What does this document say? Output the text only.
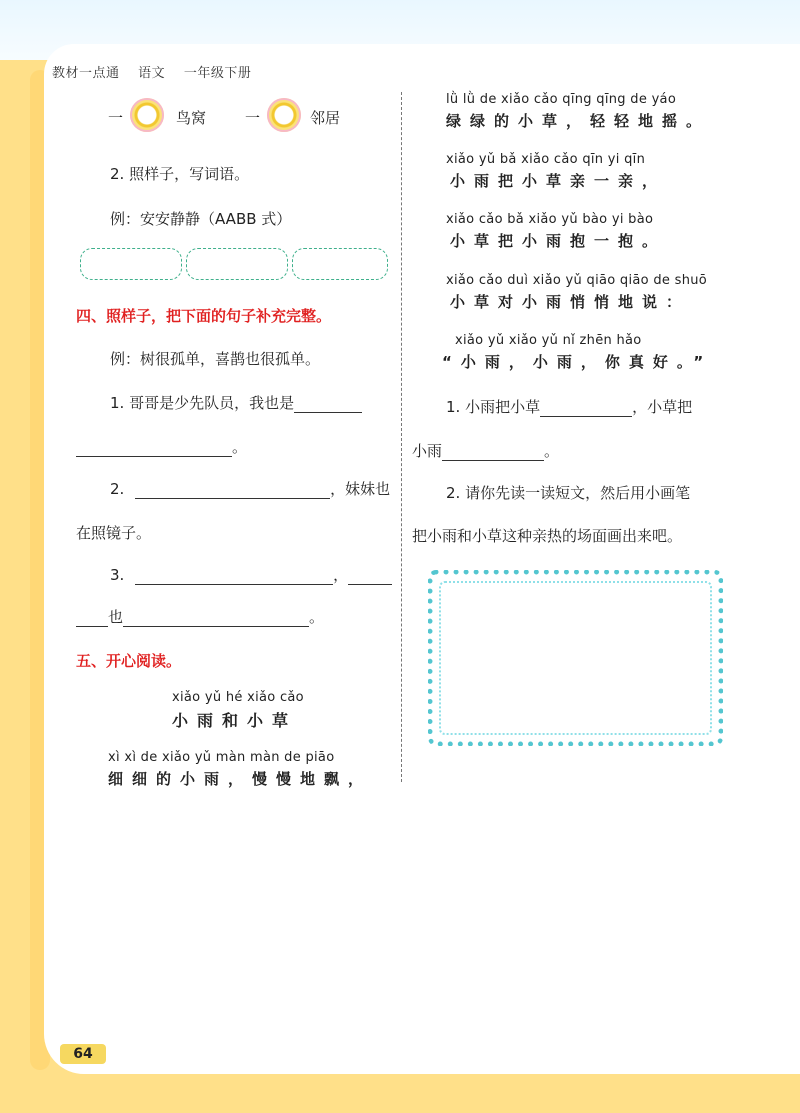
教材一点通 语文 一年级下册
一	鸟窝	一	邻居
2. 照样子，写词语。
例：安安静静（AABB 式）
四、照样子，把下面的句子补充完整。
例：树很孤单，喜鹊也很孤单。
1. 哥哥是少先队员，我也是
。
2.	，妹妹也
在照镜子。
3.	，
也	。
五、开心阅读。
xiǎo yǔ hé xiǎo cǎo
小雨和小草
xì xì de xiǎo yǔ màn màn de piāo
细细的小雨，慢慢地飘，
lǜ lǜ de xiǎo cǎo qīng qīng de yáo
绿绿的小草，轻轻地摇。
xiǎo yǔ bǎ xiǎo cǎo qīn yi qīn
小雨把小草亲一亲，
xiǎo cǎo bǎ xiǎo yǔ bào yi bào
小草把小雨抱一抱。
xiǎo cǎo duì xiǎo yǔ qiāo qiāo de shuō
小草对小雨悄悄地说：
xiǎo yǔ xiǎo yǔ nǐ zhēn hǎo
“小雨，小雨，你真好。”
1. 小雨把小草	，小草把
小雨	。
2. 请你先读一读短文，然后用小画笔
把小雨和小草这种亲热的场面画出来吧。
64
